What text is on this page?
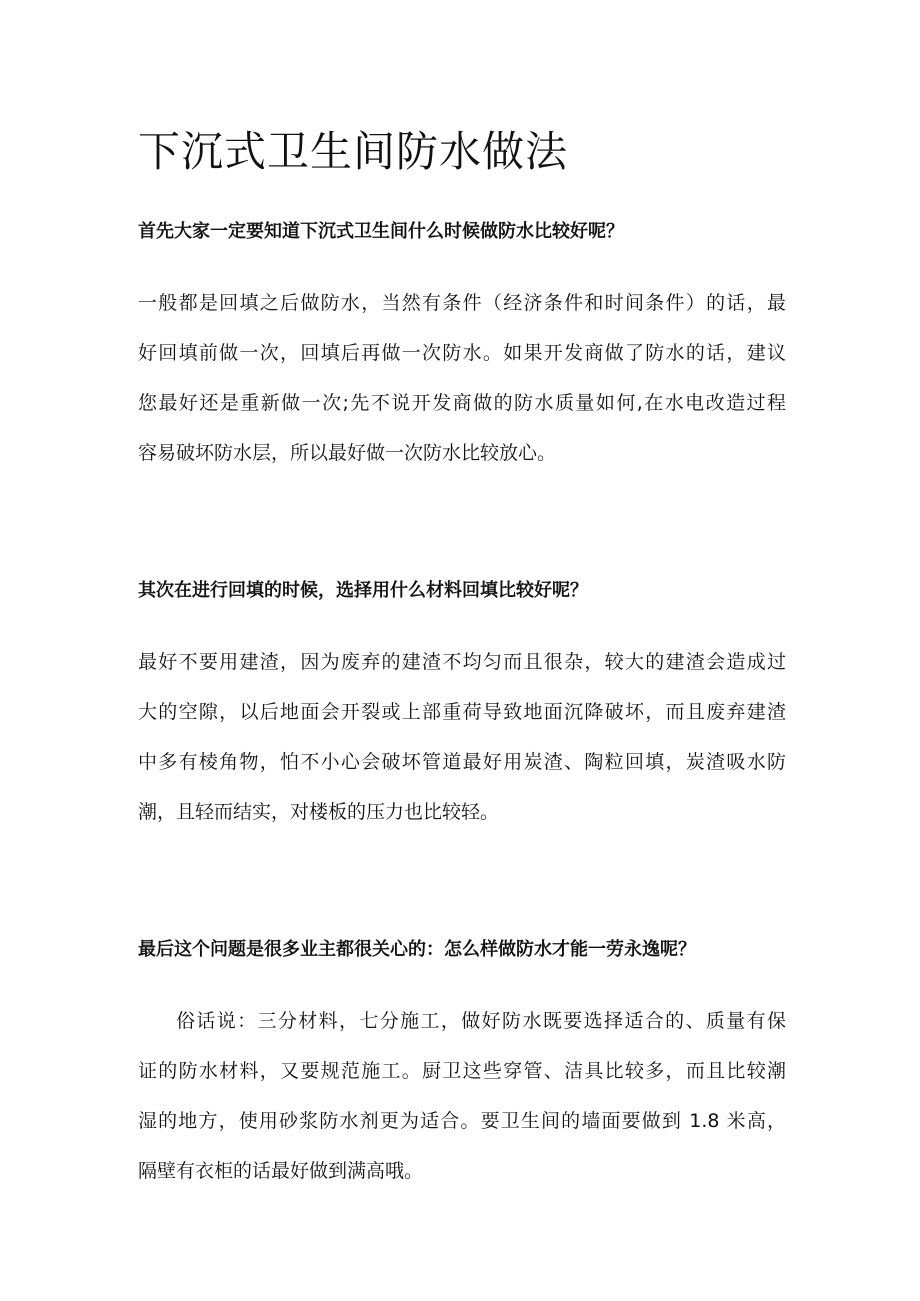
下沉式卫生间防水做法
首先大家一定要知道下沉式卫生间什么时候做防水比较好呢？
一般都是回填之后做防水，当然有条件（经济条件和时间条件）的话，最
好回填前做一次，回填后再做一次防水。如果开发商做了防水的话，建议
您最好还是重新做一次;先不说开发商做的防水质量如何,在水电改造过程
容易破坏防水层，所以最好做一次防水比较放心。
其次在进行回填的时候，选择用什么材料回填比较好呢？
最好不要用建渣，因为废弃的建渣不均匀而且很杂，较大的建渣会造成过
大的空隙，以后地面会开裂或上部重荷导致地面沉降破坏，而且废弃建渣
中多有棱角物，怕不小心会破坏管道最好用炭渣、陶粒回填，炭渣吸水防
潮，且轻而结实，对楼板的压力也比较轻。
最后这个问题是很多业主都很关心的：怎么样做防水才能一劳永逸呢？
俗话说：三分材料，七分施工，做好防水既要选择适合的、质量有保
证的防水材料，又要规范施工。厨卫这些穿管、洁具比较多，而且比较潮
湿的地方，使用砂浆防水剂更为适合。要卫生间的墙面要做到 1.8 米高，
隔壁有衣柜的话最好做到满高哦。
